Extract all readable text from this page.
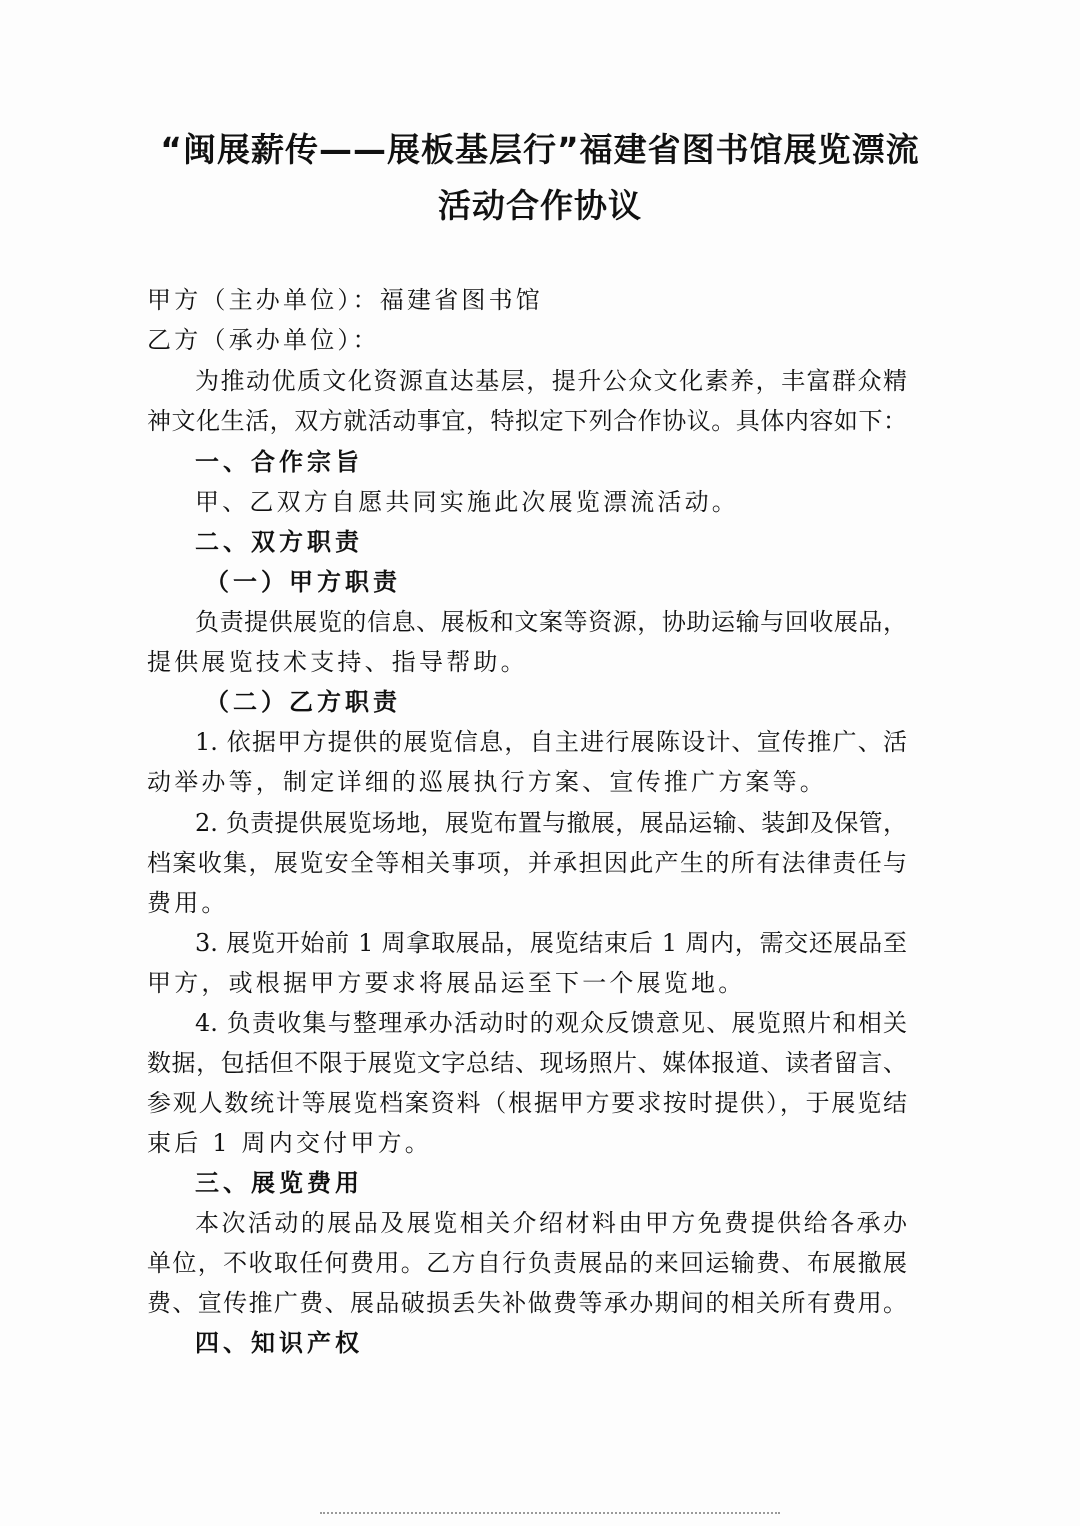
“闽展薪传——展板基层行”福建省图书馆展览漂流
活动合作协议

甲方（主办单位）：福建省图书馆

乙方（承办单位）：

为推动优质文化资源直达基层，提升公众文化素养，丰富群众精

神文化生活，双方就活动事宜，特拟定下列合作协议。具体内容如下：

一、合作宗旨

甲、乙双方自愿共同实施此次展览漂流活动。

二、双方职责

（一）甲方职责

负责提供展览的信息、展板和文案等资源，协助运输与回收展品，

提供展览技术支持、指导帮助。

（二）乙方职责

1. 依据甲方提供的展览信息，自主进行展陈设计、宣传推广、活

动举办等，制定详细的巡展执行方案、宣传推广方案等。

2. 负责提供展览场地，展览布置与撤展，展品运输、装卸及保管，

档案收集，展览安全等相关事项，并承担因此产生的所有法律责任与

费用。

3. 展览开始前 1 周拿取展品，展览结束后 1 周内，需交还展品至

甲方，或根据甲方要求将展品运至下一个展览地。

4. 负责收集与整理承办活动时的观众反馈意见、展览照片和相关

数据，包括但不限于展览文字总结、现场照片、媒体报道、读者留言、

参观人数统计等展览档案资料（根据甲方要求按时提供），于展览结

束后 1 周内交付甲方。

三、展览费用

本次活动的展品及展览相关介绍材料由甲方免费提供给各承办

单位，不收取任何费用。乙方自行负责展品的来回运输费、布展撤展

费、宣传推广费、展品破损丢失补做费等承办期间的相关所有费用。

四、知识产权
